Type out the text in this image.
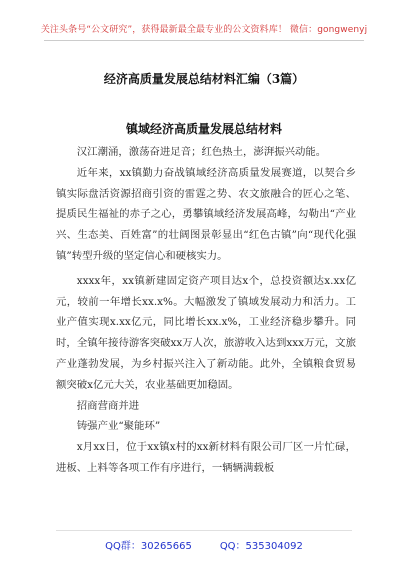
关注头条号“公文研究”，获得最新最全最专业的公文资料库！ 微信：gongwenyj
经济高质量发展总结材料汇编（3篇）
镇域经济高质量发展总结材料

汉江潮涌，激荡奋进足音；红色热土，澎湃振兴动能。

近年来，xx镇勤力奋战镇域经济高质量发展赛道，以契合乡镇实际盘活资源招商引资的雷霆之势、农文旅融合的匠心之笔、提质民生福祉的赤子之心，勇攀镇域经济发展高峰，勾勒出“产业兴、生态美、百姓富”的壮阔图景彰显出“红色古镇”向“现代化强镇”转型升级的坚定信心和硬核实力。

xxxx年，xx镇新建固定资产项目达x个，总投资额达x.xx亿元，较前一年增长xx.x%。大幅激发了镇域发展动力和活力。工业产值实现x.xx亿元，同比增长xx.x%，工业经济稳步攀升。同时，全镇年接待游客突破xx万人次，旅游收入达到xxx万元，文旅产业蓬勃发展，为乡村振兴注入了新动能。此外，全镇粮食贸易额突破x亿元大关，农业基础更加稳固。

招商营商并进

铸强产业“聚能环”

x月xx日，位于xx镇x村的xx新材料有限公司厂区一片忙碌，进板、上料等各项工作有序进行，一辆辆满载板

QQ群：30265665	QQ：535304092
